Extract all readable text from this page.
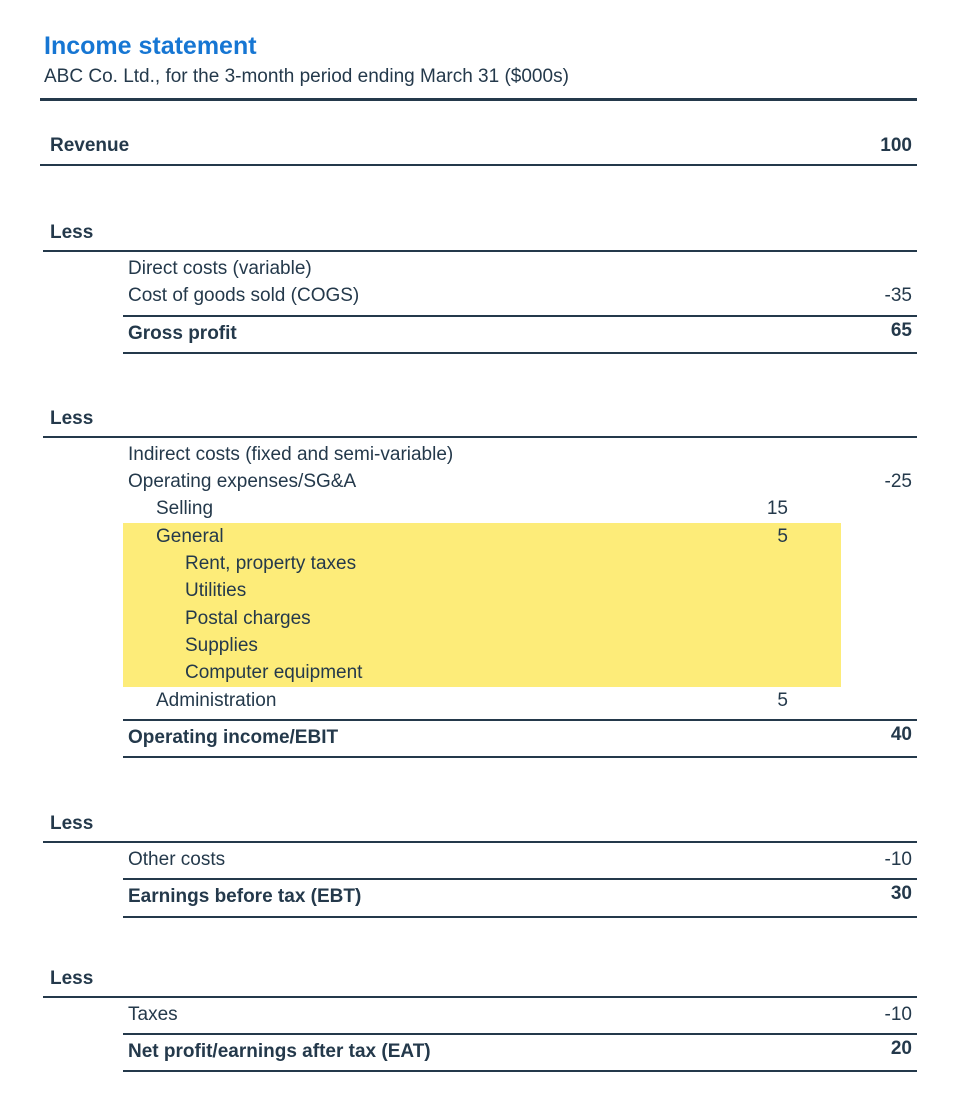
Income statement

ABC Co. Ltd., for the 3-month period ending March 31 ($000s)

Revenue	100
Less
Direct costs (variable)
Cost of goods sold (COGS)	-35
Gross profit	65
Less
Indirect costs (fixed and semi-variable)
Operating expenses/SG&A	-25
Selling	15
General	5
Rent, property taxes
Utilities
Postal charges
Supplies
Computer equipment
Administration	5
Operating income/EBIT	40
Less
Other costs	-10
Earnings before tax (EBT)	30
Less
Taxes	-10
Net profit/earnings after tax (EAT)	20
